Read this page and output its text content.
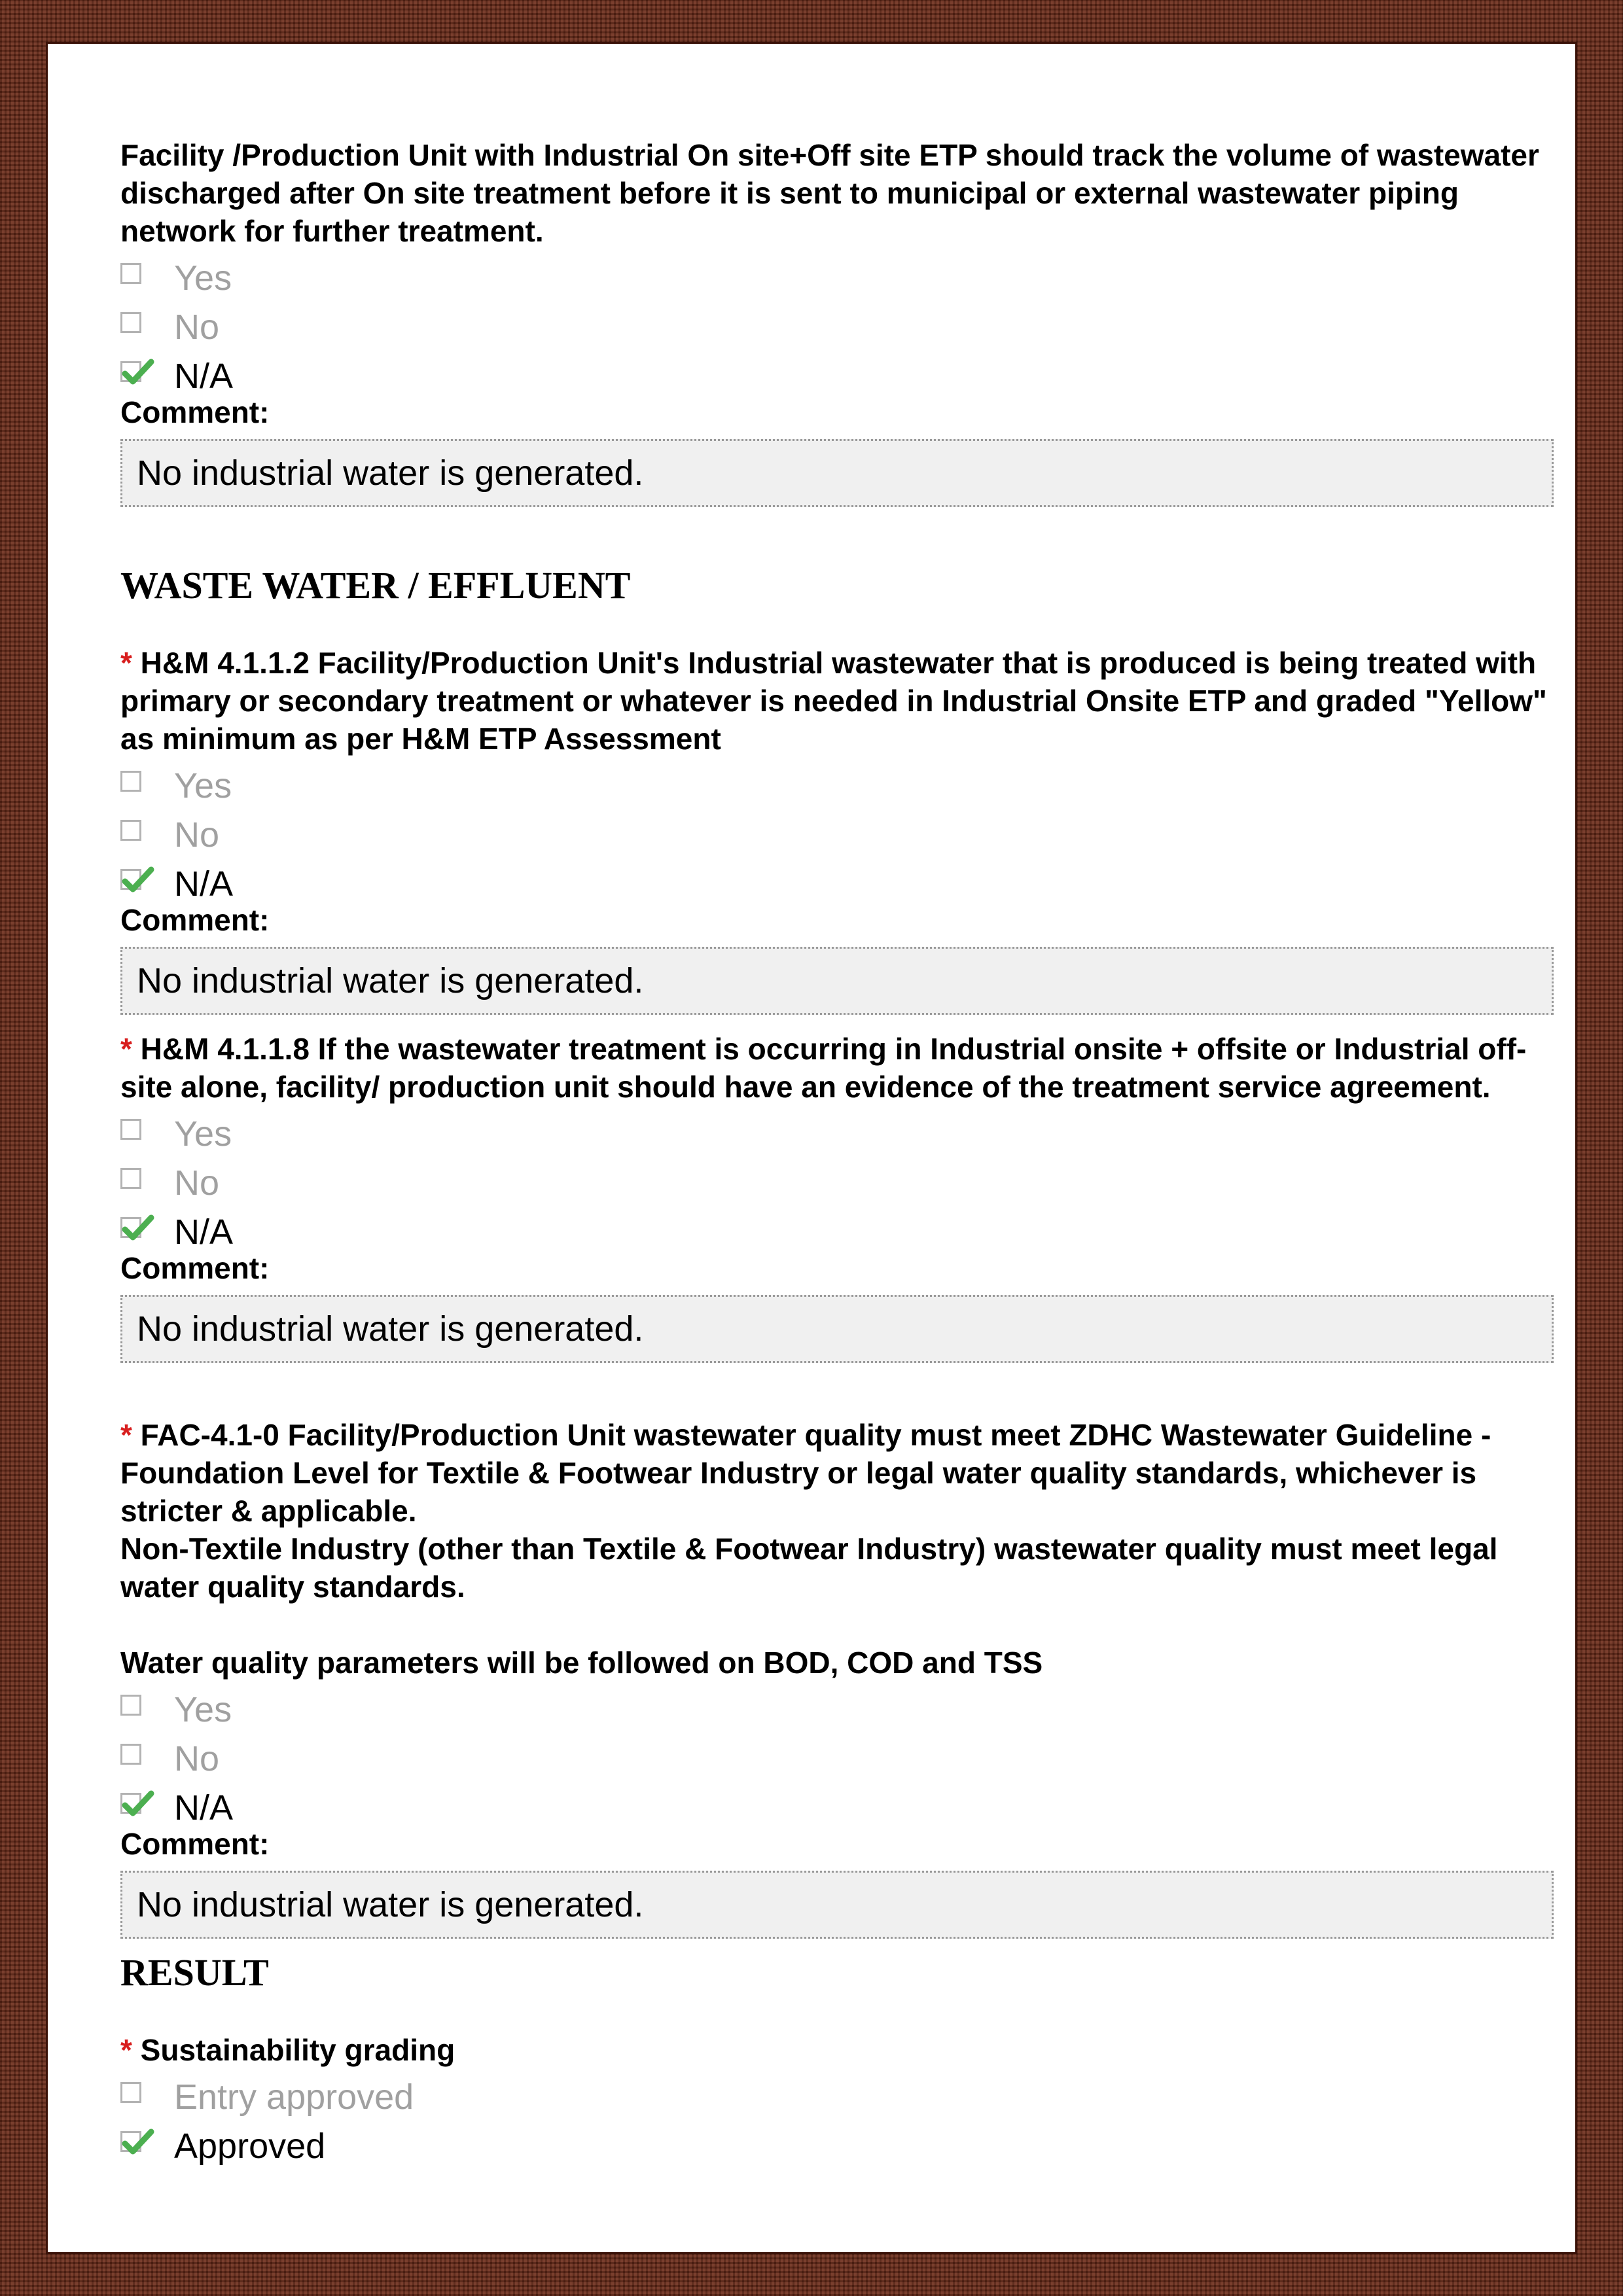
Facility /Production Unit with Industrial On site+Off site ETP should track the volume of wastewater discharged after On site treatment before it is sent to municipal or external wastewater piping network for further treatment.

Yes
No
N/A

Comment:

No industrial water is generated.

WASTE WATER / EFFLUENT

* H&M 4.1.1.2 Facility/Production Unit's Industrial wastewater that is produced is being treated with primary or secondary treatment or whatever is needed in Industrial Onsite ETP and graded "Yellow" as minimum as per H&M ETP Assessment

Yes
No
N/A

Comment:

No industrial water is generated.

* H&M 4.1.1.8 If the wastewater treatment is occurring in Industrial onsite + offsite or Industrial off-site alone, facility/ production unit should have an evidence of the treatment service agreement.

Yes
No
N/A

Comment:

No industrial water is generated.

* FAC-4.1-0 Facility/Production Unit wastewater quality must meet ZDHC Wastewater Guideline - Foundation Level for Textile & Footwear Industry or legal water quality standards, whichever is stricter & applicable.

Non-Textile Industry (other than Textile & Footwear Industry) wastewater quality must meet legal water quality standards.

Water quality parameters will be followed on BOD, COD and TSS

Yes
No
N/A

Comment:

No industrial water is generated.

RESULT

* Sustainability grading

Entry approved
Approved
